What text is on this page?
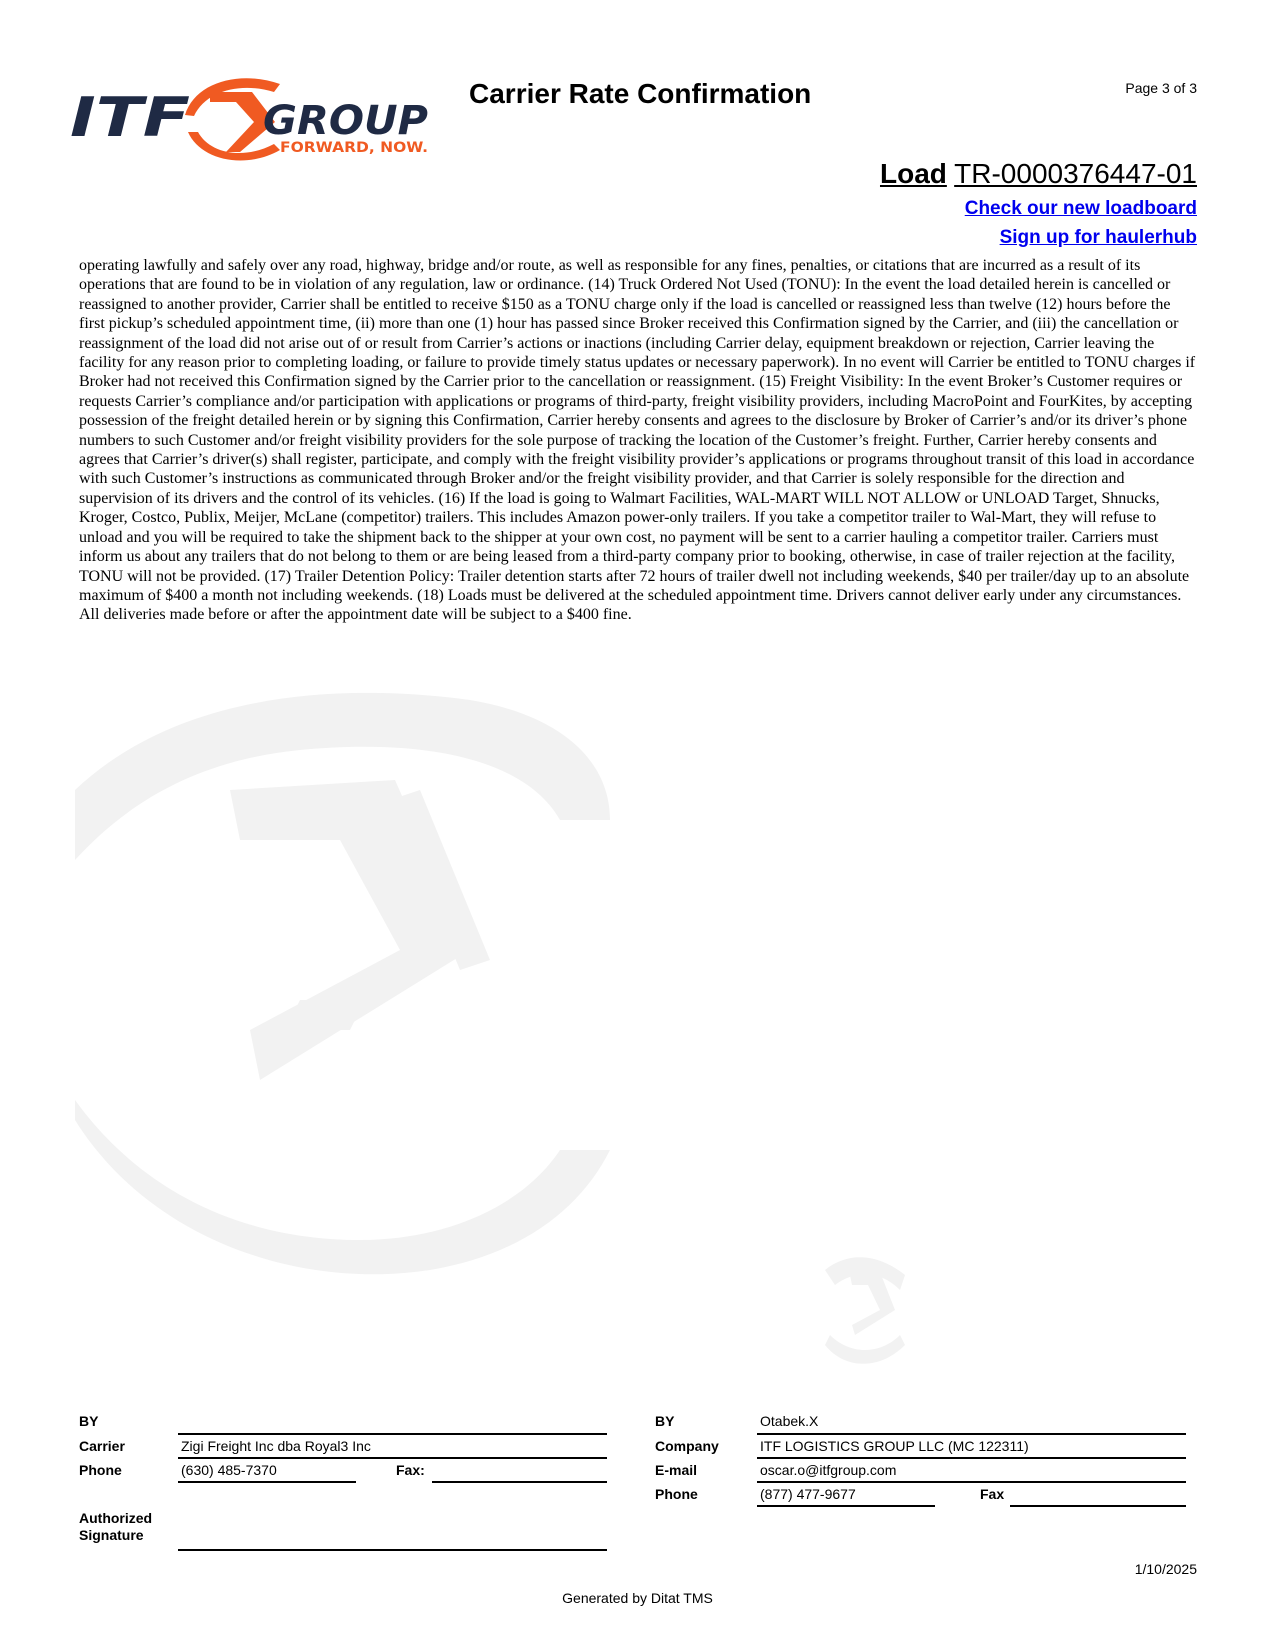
ITF GROUP
FORWARD, NOW.
Carrier Rate Confirmation	Page 3 of 3
Load TR-0000376447-01
Check our new loadboard
Sign up for haulerhub
operating lawfully and safely over any road, highway, bridge and/or route, as well as responsible for any fines, penalties, or citations that are incurred as a result of its operations that are found to be in violation of any regulation, law or ordinance. (14) Truck Ordered Not Used (TONU): In the event the load detailed herein is cancelled or reassigned to another provider, Carrier shall be entitled to receive $150 as a TONU charge only if the load is cancelled or reassigned less than twelve (12) hours before the first pickup’s scheduled appointment time, (ii) more than one (1) hour has passed since Broker received this Confirmation signed by the Carrier, and (iii) the cancellation or reassignment of the load did not arise out of or result from Carrier’s actions or inactions (including Carrier delay, equipment breakdown or rejection, Carrier leaving the facility for any reason prior to completing loading, or failure to provide timely status updates or necessary paperwork). In no event will Carrier be entitled to TONU charges if Broker had not received this Confirmation signed by the Carrier prior to the cancellation or reassignment. (15) Freight Visibility: In the event Broker’s Customer requires or requests Carrier’s compliance and/or participation with applications or programs of third-party, freight visibility providers, including MacroPoint and FourKites, by accepting possession of the freight detailed herein or by signing this Confirmation, Carrier hereby consents and agrees to the disclosure by Broker of Carrier’s and/or its driver’s phone numbers to such Customer and/or freight visibility providers for the sole purpose of tracking the location of the Customer’s freight. Further, Carrier hereby consents and agrees that Carrier’s driver(s) shall register, participate, and comply with the freight visibility provider’s applications or programs throughout transit of this load in accordance with such Customer’s instructions as communicated through Broker and/or the freight visibility provider, and that Carrier is solely responsible for the direction and supervision of its drivers and the control of its vehicles. (16) If the load is going to Walmart Facilities, WAL-MART WILL NOT ALLOW or UNLOAD Target, Shnucks, Kroger, Costco, Publix, Meijer, McLane (competitor) trailers. This includes Amazon power-only trailers. If you take a competitor trailer to Wal-Mart, they will refuse to unload and you will be required to take the shipment back to the shipper at your own cost, no payment will be sent to a carrier hauling a competitor trailer. Carriers must inform us about any trailers that do not belong to them or are being leased from a third-party company prior to booking, otherwise, in case of trailer rejection at the facility, TONU will not be provided. (17) Trailer Detention Policy: Trailer detention starts after 72 hours of trailer dwell not including weekends, $40 per trailer/day up to an absolute maximum of $400 a month not including weekends. (18) Loads must be delivered at the scheduled appointment time. Drivers cannot deliver early under any circumstances. All deliveries made before or after the appointment date will be subject to a $400 fine.
BY
Carrier	Zigi Freight Inc dba Royal3 Inc
Phone	(630) 485-7370	Fax:
Authorized
Signature
BY	Otabek.X
Company	ITF LOGISTICS GROUP LLC (MC 122311)
E-mail	oscar.o@itfgroup.com
Phone	(877) 477-9677	Fax
1/10/2025
Generated by Ditat TMS
